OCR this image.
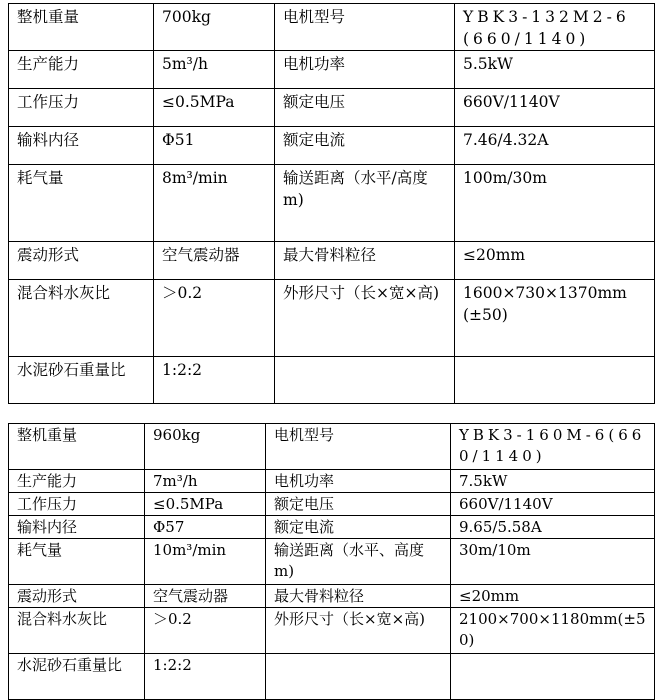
整机重量	700kg	电机型号	YBK3-132M2-6(660/1140)
生产能力	5m³/h	电机功率	5.5kW
工作压力	≤0.5MPa	额定电压	660V/1140V
输料内径	Φ51	额定电流	7.46/4.32A
耗气量	8m³/min	输送距离（水平/高度m)	100m/30m
震动形式	空气震动器	最大骨料粒径	≤20mm
混合料水灰比	＞0.2	外形尺寸（长×宽×高)	1600×730×1370mm(±50)
水泥砂石重量比	1:2:2		
整机重量	960kg	电机型号	YBK3-160M-6(660/1140)
生产能力	7m³/h	电机功率	7.5kW
工作压力	≤0.5MPa	额定电压	660V/1140V
输料内径	Φ57	额定电流	9.65/5.58A
耗气量	10m³/min	输送距离（水平、高度m)	30m/10m
震动形式	空气震动器	最大骨料粒径	≤20mm
混合料水灰比	＞0.2	外形尺寸（长×宽×高)	2100×700×1180mm(±50)
水泥砂石重量比	1:2:2		
